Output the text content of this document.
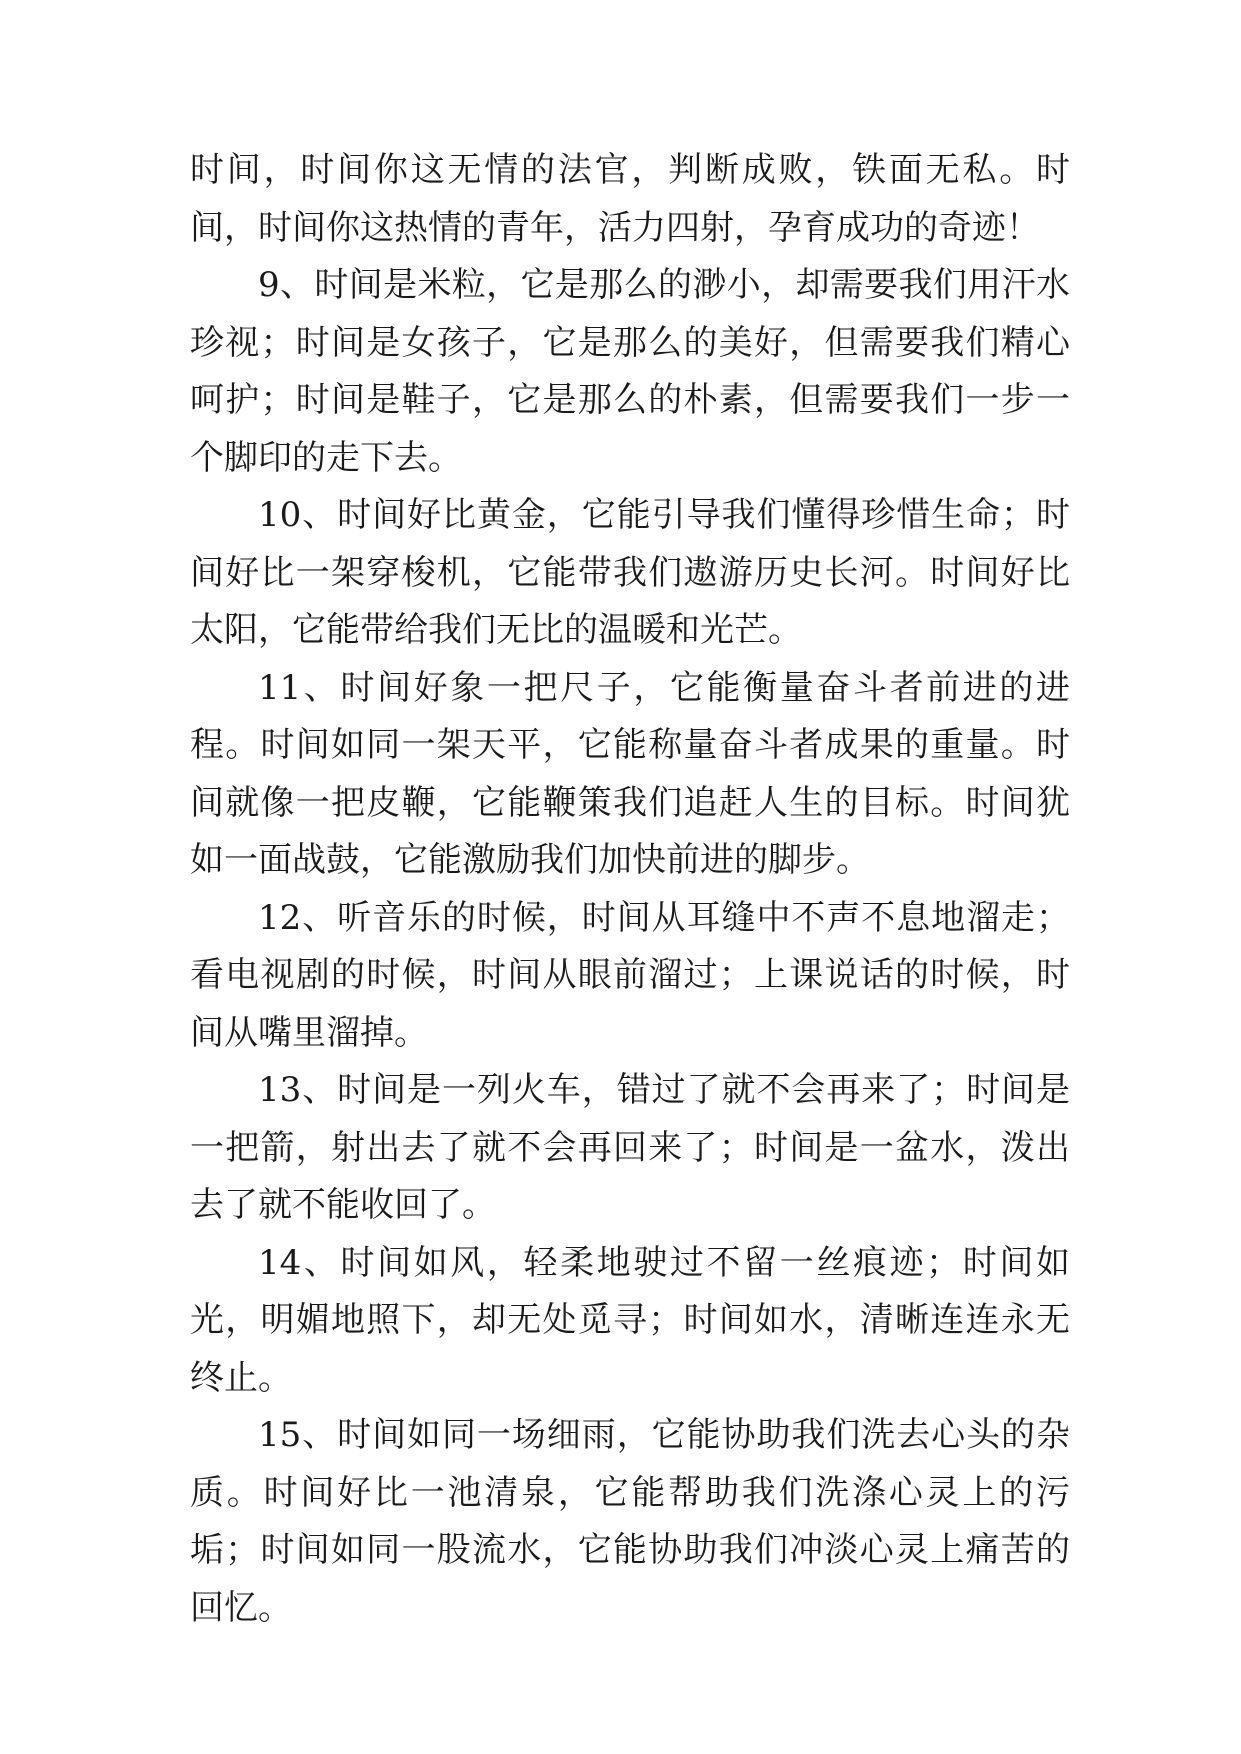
时间，时间你这无情的法官，判断成败，铁面无私。时间，时间你这热情的青年，活力四射，孕育成功的奇迹！

9、时间是米粒，它是那么的渺小，却需要我们用汗水珍视；时间是女孩子，它是那么的美好，但需要我们精心呵护；时间是鞋子，它是那么的朴素，但需要我们一步一个脚印的走下去。

10、时间好比黄金，它能引导我们懂得珍惜生命；时间好比一架穿梭机，它能带我们遨游历史长河。时间好比太阳，它能带给我们无比的温暖和光芒。

11、时间好象一把尺子，它能衡量奋斗者前进的进程。时间如同一架天平，它能称量奋斗者成果的重量。时间就像一把皮鞭，它能鞭策我们追赶人生的目标。时间犹如一面战鼓，它能激励我们加快前进的脚步。

12、听音乐的时候，时间从耳缝中不声不息地溜走；看电视剧的时候，时间从眼前溜过；上课说话的时候，时间从嘴里溜掉。

13、时间是一列火车，错过了就不会再来了；时间是一把箭，射出去了就不会再回来了；时间是一盆水，泼出去了就不能收回了。

14、时间如风，轻柔地驶过不留一丝痕迹；时间如光，明媚地照下，却无处觅寻；时间如水，清晰连连永无终止。

15、时间如同一场细雨，它能协助我们洗去心头的杂质。时间好比一池清泉，它能帮助我们洗涤心灵上的污垢；时间如同一股流水，它能协助我们冲淡心灵上痛苦的回忆。
